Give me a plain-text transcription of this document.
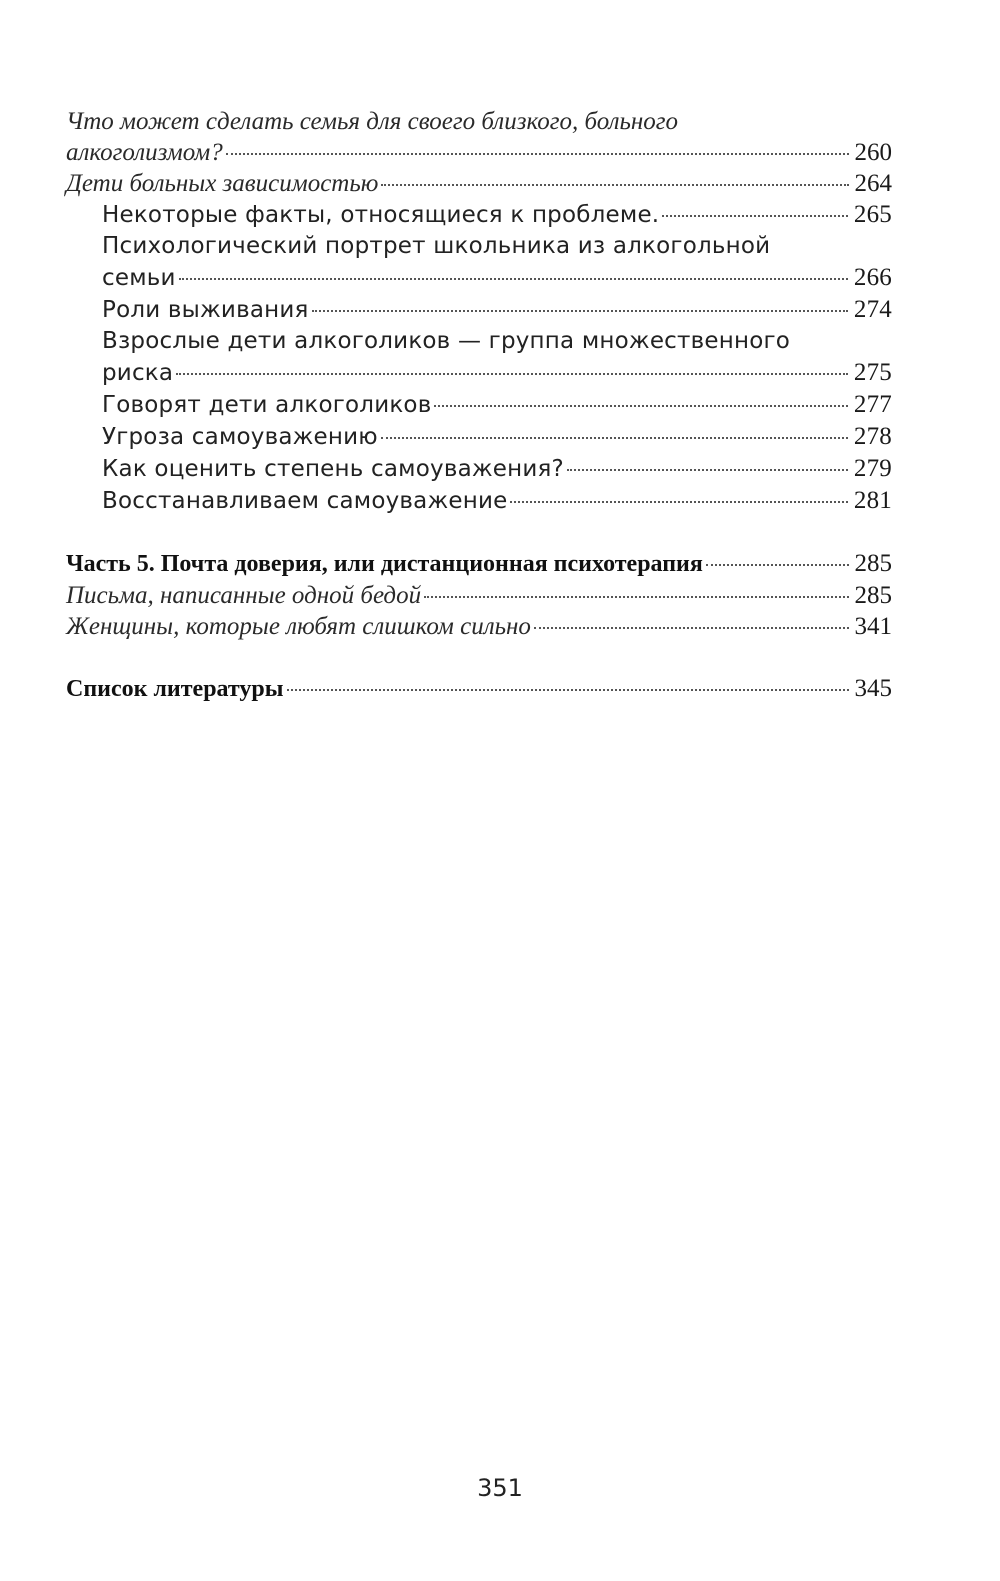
Что может сделать семья для своего близкого, больного
алкоголизмом?	260
Дети больных зависимостью	264
Некоторые факты, относящиеся к проблеме.	265
Психологический портрет школьника из алкогольной
семьи	266
Роли выживания	274
Взрослые дети алкоголиков — группа множественного
риска	275
Говорят дети алкоголиков	277
Угроза самоуважению	278
Как оценить степень самоуважения?	279
Восстанавливаем самоуважение	281
Часть 5. Почта доверия, или дистанционная психотерапия	285
Письма, написанные одной бедой	285
Женщины, которые любят слишком сильно	341
Список литературы	345
351
